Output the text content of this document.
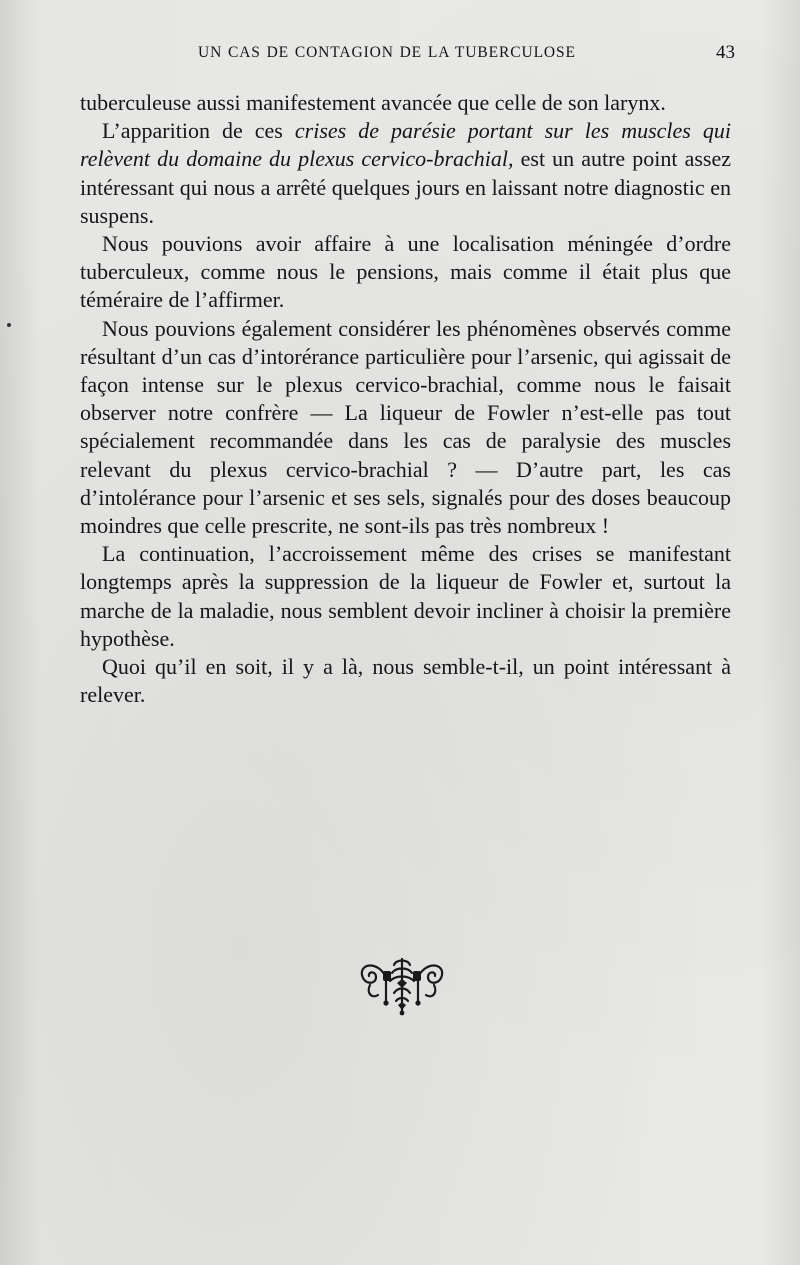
UN CAS DE CONTAGION DE LA TUBERCULOSE	43

tuberculeuse aussi manifestement avancée que celle de son larynx.

L’apparition de ces crises de parésie portant sur les muscles qui relèvent du domaine du plexus cervico-brachial, est un autre point assez intéressant qui nous a arrêté quelques jours en laissant notre diagnostic en suspens.

Nous pouvions avoir affaire à une localisation méningée d’ordre tuberculeux, comme nous le pensions, mais comme il était plus que téméraire de l’affirmer.

Nous pouvions également considérer les phénomènes observés comme résultant d’un cas d’intorérance particulière pour l’arsenic, qui agissait de façon intense sur le plexus cervico-brachial, comme nous le faisait observer notre confrère — La liqueur de Fowler n’est-elle pas tout spécialement recommandée dans les cas de paralysie des muscles relevant du plexus cervico-brachial ? — D’autre part, les cas d’intolérance pour l’arsenic et ses sels, signalés pour des doses beaucoup moindres que celle prescrite, ne sont-ils pas très nombreux !

La continuation, l’accroissement même des crises se manifestant longtemps après la suppression de la liqueur de Fowler et, surtout la marche de la maladie, nous semblent devoir incliner à choisir la première hypothèse.

Quoi qu’il en soit, il y a là, nous semble-t-il, un point intéressant à relever.
